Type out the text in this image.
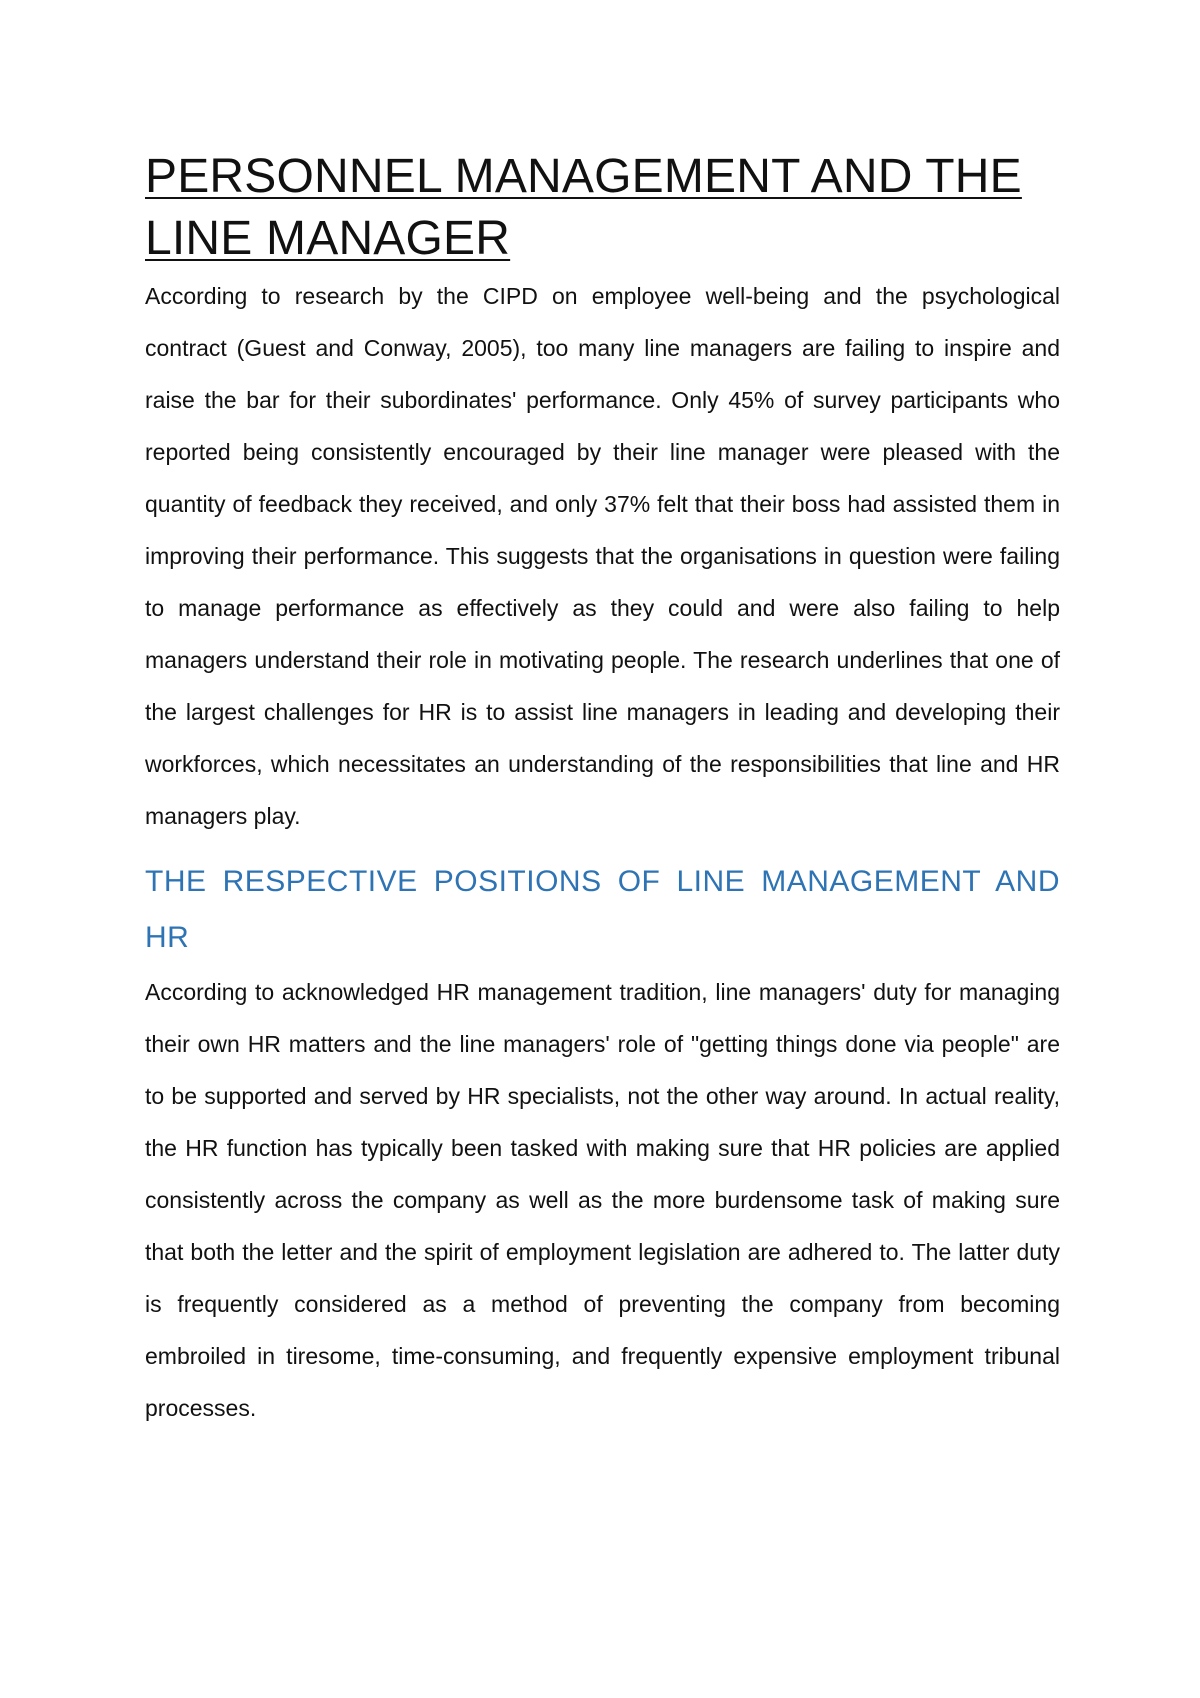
PERSONNEL MANAGEMENT AND THE LINE MANAGER

According to research by the CIPD on employee well-being and the psychological contract (Guest and Conway, 2005), too many line managers are failing to inspire and raise the bar for their subordinates' performance. Only 45% of survey participants who reported being consistently encouraged by their line manager were pleased with the quantity of feedback they received, and only 37% felt that their boss had assisted them in improving their performance. This suggests that the organisations in question were failing to manage performance as effectively as they could and were also failing to help managers understand their role in motivating people. The research underlines that one of the largest challenges for HR is to assist line managers in leading and developing their workforces, which necessitates an understanding of the responsibilities that line and HR managers play.

THE RESPECTIVE POSITIONS OF LINE MANAGEMENT AND HR

According to acknowledged HR management tradition, line managers' duty for managing their own HR matters and the line managers' role of "getting things done via people" are to be supported and served by HR specialists, not the other way around. In actual reality, the HR function has typically been tasked with making sure that HR policies are applied consistently across the company as well as the more burdensome task of making sure that both the letter and the spirit of employment legislation are adhered to. The latter duty is frequently considered as a method of preventing the company from becoming embroiled in tiresome, time-consuming, and frequently expensive employment tribunal processes.
